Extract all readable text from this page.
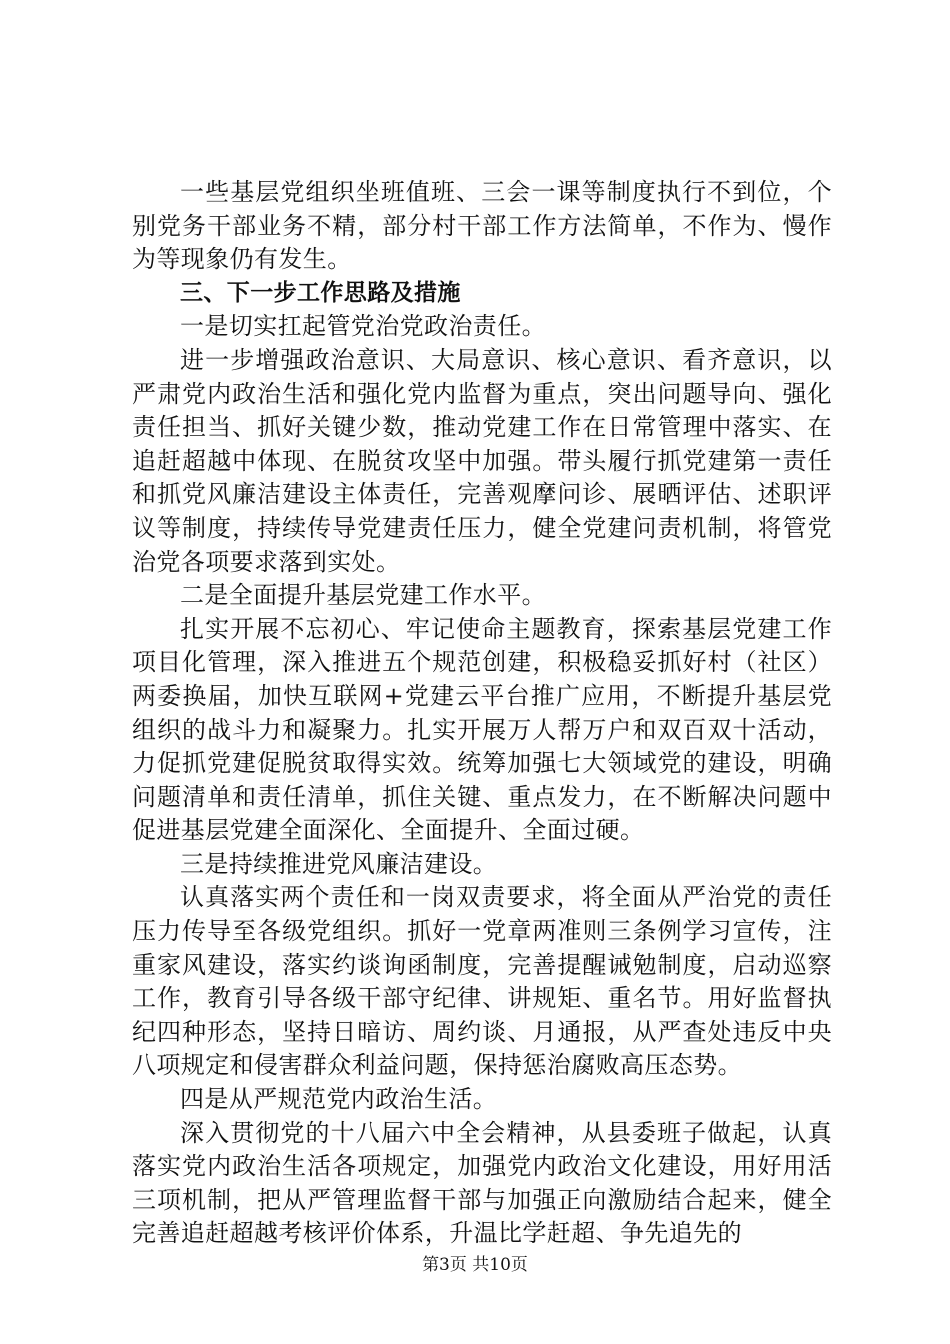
一些基层党组织坐班值班、三会一课等制度执行不到位，个别党务干部业务不精，部分村干部工作方法简单，不作为、慢作为等现象仍有发生。

三、下一步工作思路及措施

一是切实扛起管党治党政治责任。

进一步增强政治意识、大局意识、核心意识、看齐意识，以严肃党内政治生活和强化党内监督为重点，突出问题导向、强化责任担当、抓好关键少数，推动党建工作在日常管理中落实、在追赶超越中体现、在脱贫攻坚中加强。带头履行抓党建第一责任和抓党风廉洁建设主体责任，完善观摩问诊、展晒评估、述职评议等制度，持续传导党建责任压力，健全党建问责机制，将管党治党各项要求落到实处。

二是全面提升基层党建工作水平。

扎实开展不忘初心、牢记使命主题教育，探索基层党建工作项目化管理，深入推进五个规范创建，积极稳妥抓好村（社区）两委换届，加快互联网+党建云平台推广应用，不断提升基层党组织的战斗力和凝聚力。扎实开展万人帮万户和双百双十活动，力促抓党建促脱贫取得实效。统筹加强七大领域党的建设，明确问题清单和责任清单，抓住关键、重点发力，在不断解决问题中促进基层党建全面深化、全面提升、全面过硬。

三是持续推进党风廉洁建设。

认真落实两个责任和一岗双责要求，将全面从严治党的责任压力传导至各级党组织。抓好一党章两准则三条例学习宣传，注重家风建设，落实约谈询函制度，完善提醒诫勉制度，启动巡察工作，教育引导各级干部守纪律、讲规矩、重名节。用好监督执纪四种形态，坚持日暗访、周约谈、月通报，从严查处违反中央八项规定和侵害群众利益问题，保持惩治腐败高压态势。

四是从严规范党内政治生活。

深入贯彻党的十八届六中全会精神，从县委班子做起，认真落实党内政治生活各项规定，加强党内政治文化建设，用好用活三项机制，把从严管理监督干部与加强正向激励结合起来，健全完善追赶超越考核评价体系，升温比学赶超、争先追先的

第3页 共10页
